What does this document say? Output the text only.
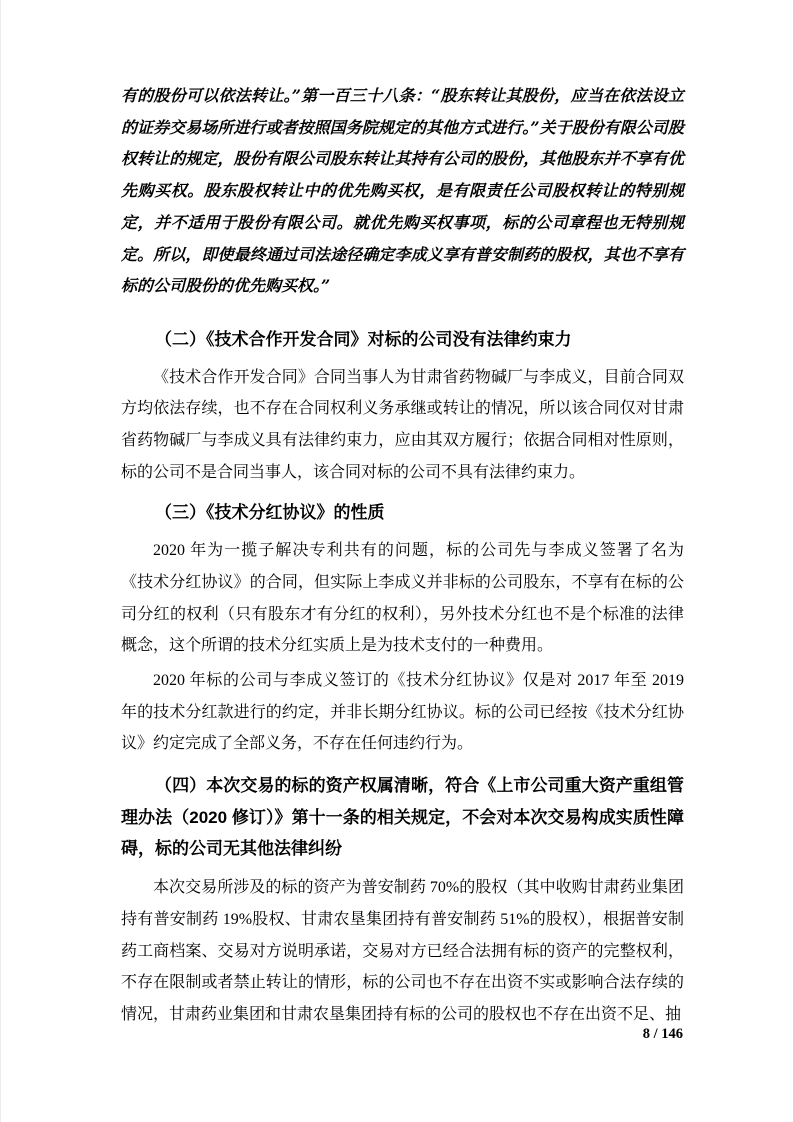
有的股份可以依法转让。”第一百三十八条：“股东转让其股份，应当在依法设立的证券交易场所进行或者按照国务院规定的其他方式进行。”关于股份有限公司股权转让的规定，股份有限公司股东转让其持有公司的股份，其他股东并不享有优先购买权。股东股权转让中的优先购买权，是有限责任公司股权转让的特别规定，并不适用于股份有限公司。就优先购买权事项，标的公司章程也无特别规定。所以，即使最终通过司法途径确定李成义享有普安制药的股权，其也不享有标的公司股份的优先购买权。”

（二）《技术合作开发合同》对标的公司没有法律约束力

《技术合作开发合同》合同当事人为甘肃省药物碱厂与李成义，目前合同双方均依法存续，也不存在合同权利义务承继或转让的情况，所以该合同仅对甘肃省药物碱厂与李成义具有法律约束力，应由其双方履行；依据合同相对性原则，标的公司不是合同当事人，该合同对标的公司不具有法律约束力。

（三）《技术分红协议》的性质

2020 年为一揽子解决专利共有的问题，标的公司先与李成义签署了名为《技术分红协议》的合同，但实际上李成义并非标的公司股东，不享有在标的公司分红的权利（只有股东才有分红的权利），另外技术分红也不是个标准的法律概念，这个所谓的技术分红实质上是为技术支付的一种费用。

2020 年标的公司与李成义签订的《技术分红协议》仅是对 2017 年至 2019 年的技术分红款进行的约定，并非长期分红协议。标的公司已经按《技术分红协议》约定完成了全部义务，不存在任何违约行为。

（四）本次交易的标的资产权属清晰，符合《上市公司重大资产重组管理办法（2020 修订）》第十一条的相关规定，不会对本次交易构成实质性障碍，标的公司无其他法律纠纷

本次交易所涉及的标的资产为普安制药 70%的股权（其中收购甘肃药业集团持有普安制药 19%股权、甘肃农垦集团持有普安制药 51%的股权），根据普安制药工商档案、交易对方说明承诺，交易对方已经合法拥有标的资产的完整权利，不存在限制或者禁止转让的情形，标的公司也不存在出资不实或影响合法存续的情况，甘肃药业集团和甘肃农垦集团持有标的公司的股权也不存在出资不足、抽

8 / 146
